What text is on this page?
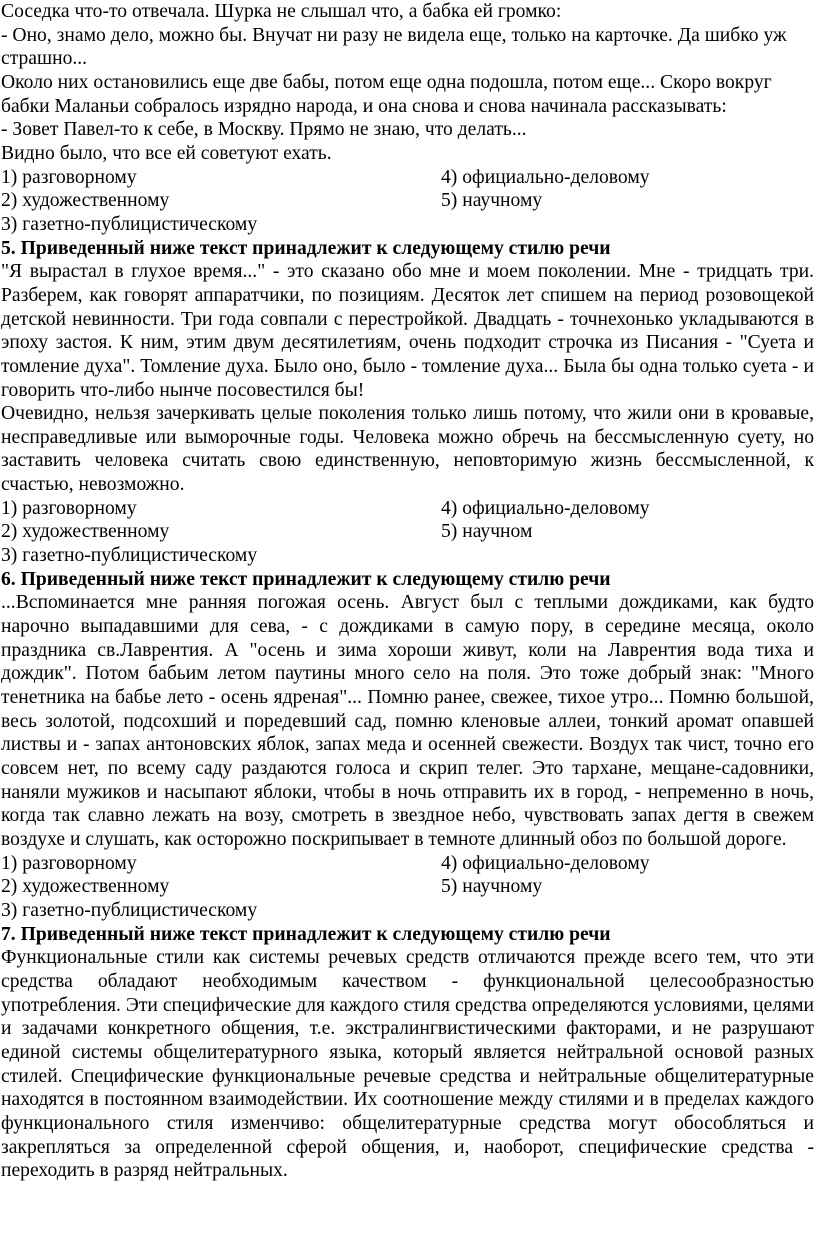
Соседка что-то отвечала. Шурка не слышал что, а бабка ей громко:

- Оно, знамо дело, можно бы. Внучат ни разу не видела еще, только на карточке. Да шибко уж страшно...

Около них остановились еще две бабы, потом еще одна подошла, потом еще... Скоро вокруг бабки Маланьи собралось изрядно народа, и она снова и снова начинала рассказывать:

- Зовет Павел-то к себе, в Москву. Прямо не знаю, что делать...

Видно было, что все ей советуют ехать.

1) разговорному	4) официально-деловому
2) художественному	5) научному
3) газетно-публицистическому

5. Приведенный ниже текст принадлежит к следующему стилю речи

"Я вырастал в глухое время..." - это сказано обо мне и моем поколении. Мне - тридцать три. Разберем, как говорят аппаратчики, по позициям. Десяток лет спишем на период розовощекой детской невинности. Три года совпали с перестройкой. Двадцать - точнехонько укладываются в эпоху застоя. К ним, этим двум десятилетиям, очень подходит строчка из Писания - "Суета и томление духа". Томление духа. Было оно, было - томление духа... Была бы одна только суета - и говорить что-либо нынче посовестился бы!

Очевидно, нельзя зачеркивать целые поколения только лишь потому, что жили они в кровавые, несправедливые или выморочные годы. Человека можно обречь на бессмысленную суету, но заставить человека считать свою единственную, неповторимую жизнь бессмысленной, к счастью, невозможно.

1) разговорному	4) официально-деловому
2) художественному	5) научном
3) газетно-публицистическому

6. Приведенный ниже текст принадлежит к следующему стилю речи

...Вспоминается мне ранняя погожая осень. Август был с теплыми дождиками, как будто нарочно выпадавшими для сева, - с дождиками в самую пору, в середине месяца, около праздника св.Лаврентия. А "осень и зима хороши живут, коли на Лаврентия вода тиха и дождик". Потом бабьим летом паутины много село на поля. Это тоже добрый знак: "Много тенетника на бабье лето - осень ядреная"... Помню ранее, свежее, тихое утро... Помню большой, весь золотой, подсохший и поредевший сад, помню кленовые аллеи, тонкий аромат опавшей листвы и - запах антоновских яблок, запах меда и осенней свежести. Воздух так чист, точно его совсем нет, по всему саду раздаются голоса и скрип телег. Это тархане, мещане-садовники, наняли мужиков и насыпают яблоки, чтобы в ночь отправить их в город, - непременно в ночь, когда так славно лежать на возу, смотреть в звездное небо, чувствовать запах дегтя в свежем воздухе и слушать, как осторожно поскрипывает в темноте длинный обоз по большой дороге.

1) разговорному	4) официально-деловому
2) художественному	5) научному
3) газетно-публицистическому

7. Приведенный ниже текст принадлежит к следующему стилю речи

Функциональные стили как системы речевых средств отличаются прежде всего тем, что эти средства обладают необходимым качеством - функциональной целесообразностью употребления. Эти специфические для каждого стиля средства определяются условиями, целями и задачами конкретного общения, т.е. экстралингвистическими факторами, и не разрушают единой системы общелитературного языка, который является нейтральной основой разных стилей. Специфические функциональные речевые средства и нейтральные общелитературные находятся в постоянном взаимодействии. Их соотношение между стилями и в пределах каждого функционального стиля изменчиво: общелитературные средства могут обособляться и закрепляться за определенной сферой общения, и, наоборот, специфические средства - переходить в разряд нейтральных.
